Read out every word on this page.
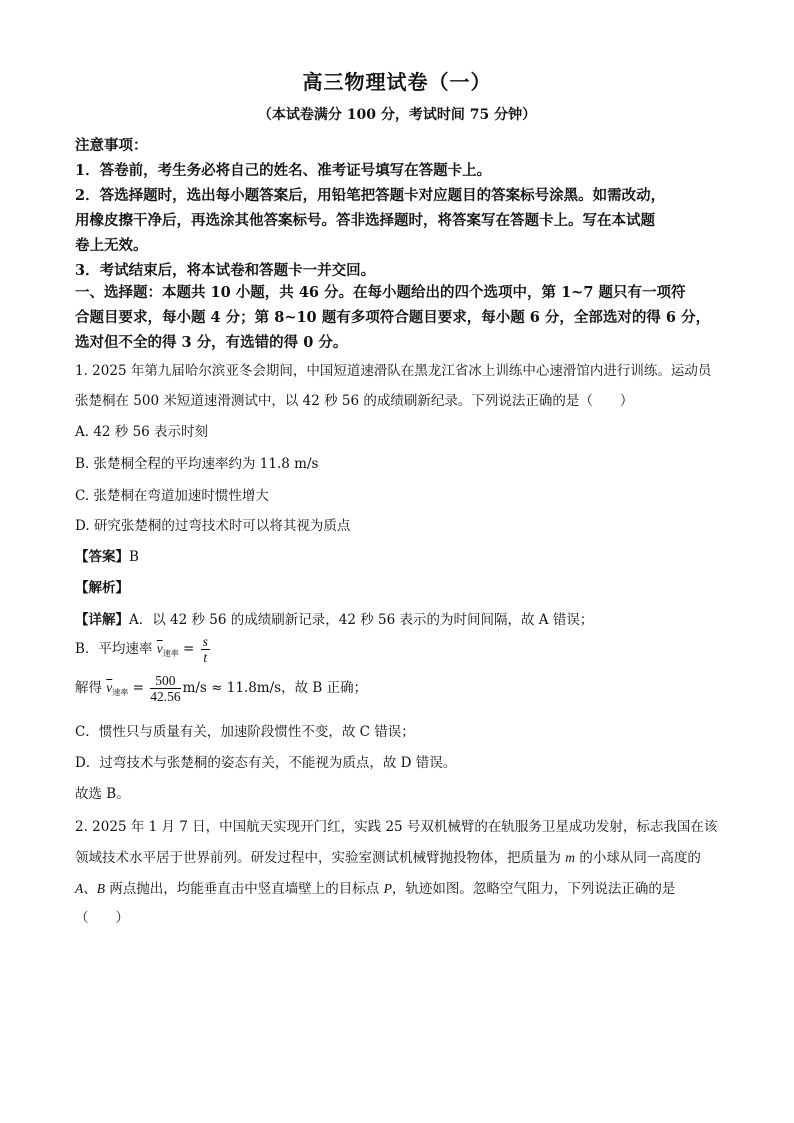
高三物理试卷（一）
（本试卷满分 100 分，考试时间 75 分钟）
注意事项：
1．答卷前，考生务必将自己的姓名、准考证号填写在答题卡上。
2．答选择题时，选出每小题答案后，用铅笔把答题卡对应题目的答案标号涂黑。如需改动，
用橡皮擦干净后，再选涂其他答案标号。答非选择题时，将答案写在答题卡上。写在本试题
卷上无效。
3．考试结束后，将本试卷和答题卡一并交回。
一、选择题：本题共 10 小题，共 46 分。在每小题给出的四个选项中，第 1~7 题只有一项符
合题目要求，每小题 4 分；第 8~10 题有多项符合题目要求，每小题 6 分，全部选对的得 6 分，
选对但不全的得 3 分，有选错的得 0 分。
1. 2025 年第九届哈尔滨亚冬会期间，中国短道速滑队在黑龙江省冰上训练中心速滑馆内进行训练。运动员
张楚桐在 500 米短道速滑测试中，以 42 秒 56 的成绩刷新纪录。下列说法正确的是（　　）
A. 42 秒 56 表示时刻
B. 张楚桐全程的平均速率约为 11.8 m/s
C. 张楚桐在弯道加速时惯性增大
D. 研究张楚桐的过弯技术时可以将其视为质点
【答案】B
【解析】
【详解】A．以 42 秒 56 的成绩刷新记录，42 秒 56 表示的为时间间隔，故 A 错误；
B．平均速率 $\overline{v}_{速率} = \frac{s}{t}$
解得 $\overline{v}_{速率} = \frac{500}{42.56} m/s \approx 11.8m/s$，故 B 正确；
C．惯性只与质量有关，加速阶段惯性不变，故 C 错误；
D．过弯技术与张楚桐的姿态有关，不能视为质点，故 D 错误。
故选 B。
2. 2025 年 1 月 7 日，中国航天实现开门红，实践 25 号双机械臂的在轨服务卫星成功发射，标志我国在该
领域技术水平居于世界前列。研发过程中，实验室测试机械臂抛投物体，把质量为 m 的小球从同一高度的
A、B 两点抛出，均能垂直击中竖直墙壁上的目标点 P，轨迹如图。忽略空气阻力，下列说法正确的是
（　　）
